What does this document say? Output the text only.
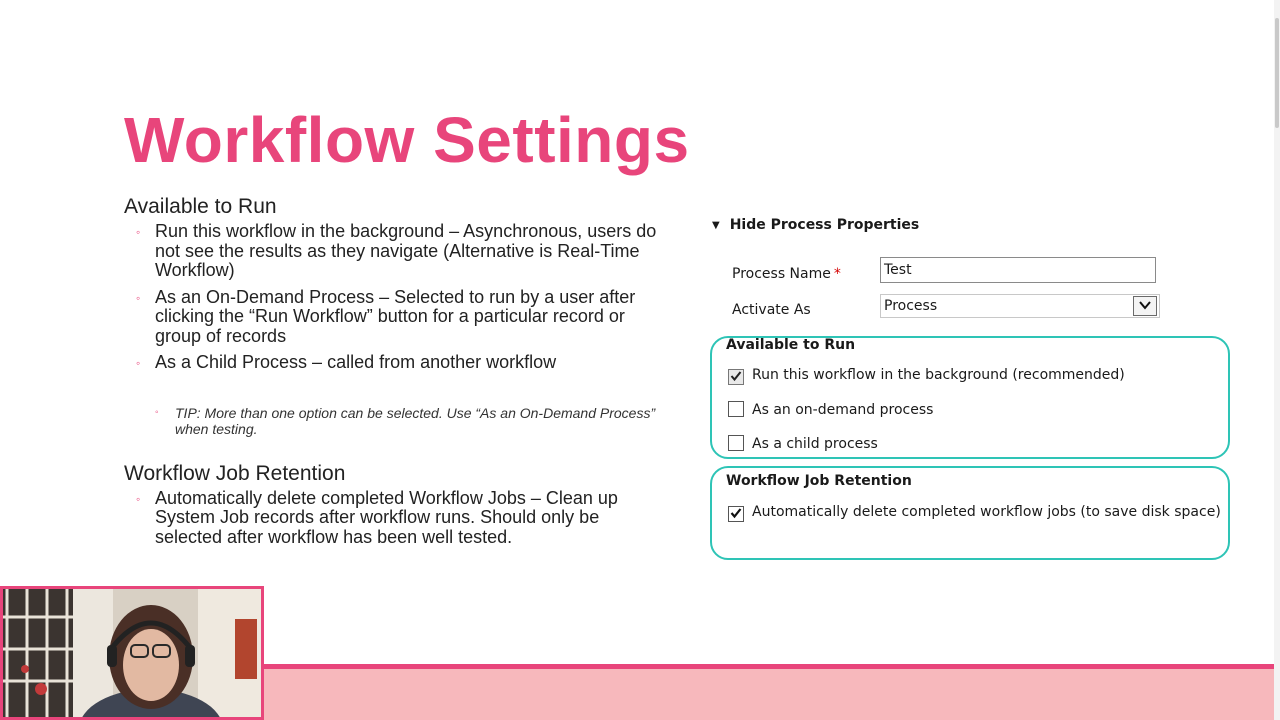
Workflow Settings

Available to Run

◦ Run this workflow in the background – Asynchronous, users do not see the results as they navigate (Alternative is Real-Time Workflow)
◦ As an On-Demand Process – Selected to run by a user after clicking the “Run Workflow” button for a particular record or group of records
◦ As a Child Process – called from another workflow
◦ TIP: More than one option can be selected. Use “As an On-Demand Process” when testing.

Workflow Job Retention

◦ Automatically delete completed Workflow Jobs – Clean up System Job records after workflow runs. Should only be selected after workflow has been well tested.
▼ Hide Process Properties
Process Name *	Test
Activate As	Process
Available to Run
Run this workflow in the background (recommended)
As an on-demand process
As a child process
Workflow Job Retention
Automatically delete completed workflow jobs (to save disk space)
